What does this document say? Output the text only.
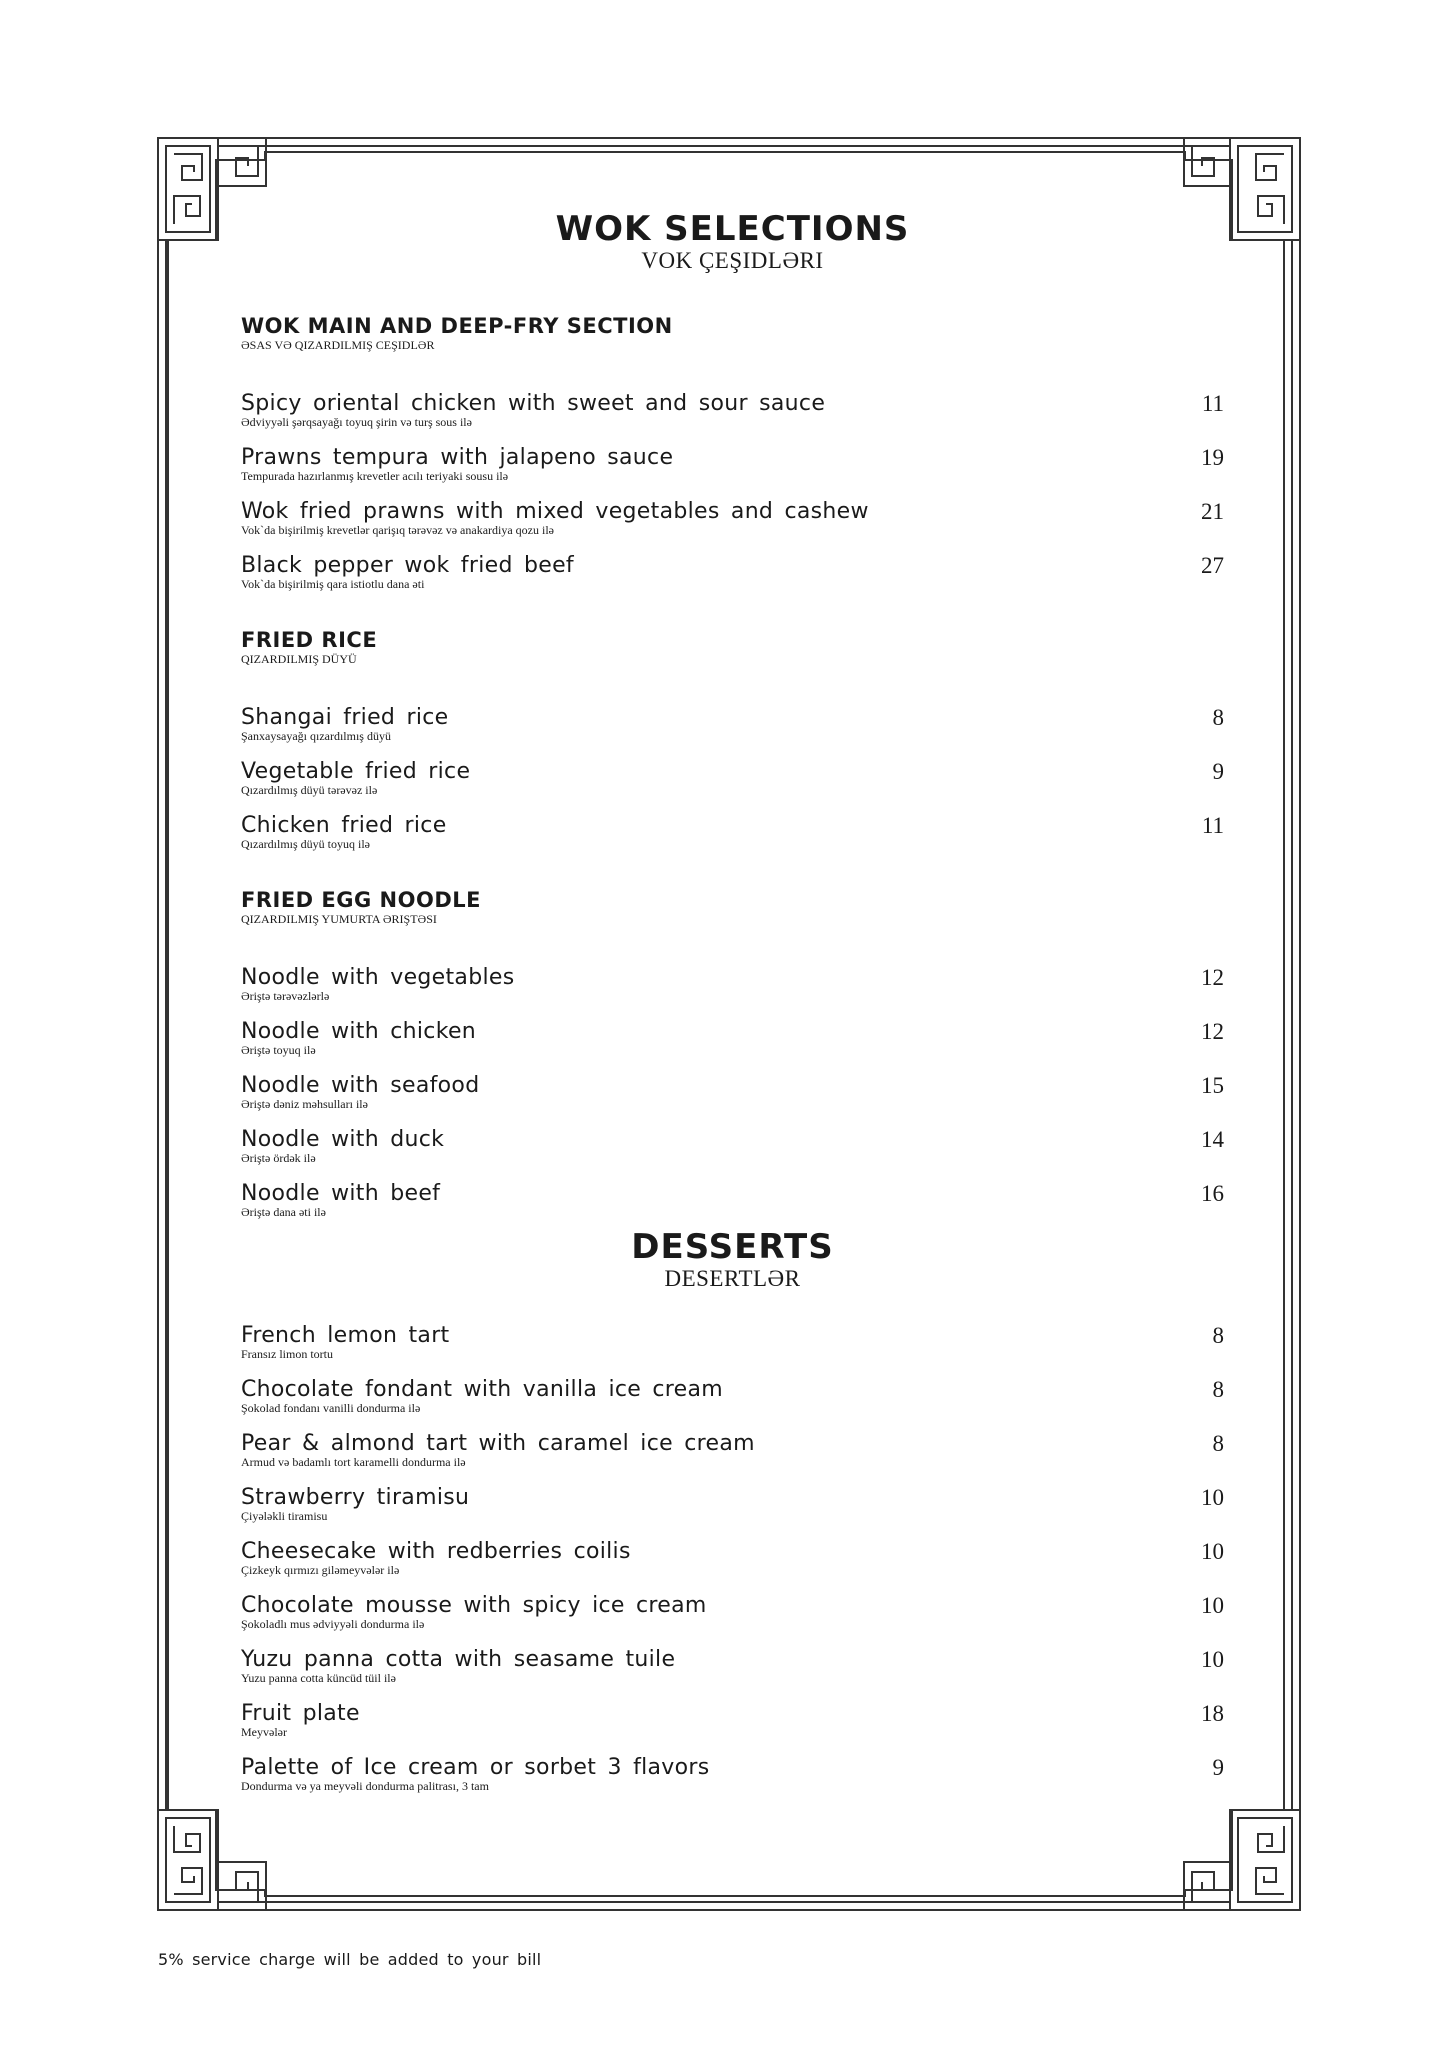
WOK SELECTIONS
VOK ÇEŞIDLƏRI
WOK MAIN AND DEEP-FRY SECTION
ƏSAS VƏ QIZARDILMIŞ CEŞIDLƏR
Spicy oriental chicken with sweet and sour sauce
Ədviyyəli şərqsayağı toyuq şirin və turş sous ilə
11
Prawns tempura with jalapeno sauce
Tempurada hazırlanmış krevetler acılı teriyaki sousu ilə
19
Wok fried prawns with mixed vegetables and cashew
Vok`da bişirilmiş krevetlər qarişıq tərəvəz və anakardiya qozu ilə
21
Black pepper wok fried beef
Vok`da bişirilmiş qara istiotlu dana əti
27
FRIED RICE
QIZARDILMIŞ DÜYÜ
Shangai fried rice
Şanxaysayağı qızardılmış düyü
8
Vegetable fried rice
Qızardılmış düyü tərəvəz ilə
9
Chicken fried rice
Qızardılmış düyü toyuq ilə
11
FRIED EGG NOODLE
QIZARDILMIŞ YUMURTA ƏRIŞTƏSI
Noodle with vegetables
Əriştə tərəvəzlərlə
12
Noodle with chicken
Əriştə toyuq ilə
12
Noodle with seafood
Əriştə dəniz məhsulları ilə
15
Noodle with duck
Əriştə ördək ilə
14
Noodle with beef
Əriştə dana əti ilə
16
DESSERTS
DESERTLƏR
French lemon tart
Fransız limon tortu
8
Chocolate fondant with vanilla ice cream
Şokolad fondanı vanilli dondurma ilə
8
Pear & almond tart with caramel ice cream
Armud və badamlı tort karamelli dondurma ilə
8
Strawberry tiramisu
Çiyələkli tiramisu
10
Cheesecake with redberries coilis
Çizkeyk qırmızı giləmeyvələr ilə
10
Chocolate mousse with spicy ice cream
Şokoladlı mus ədviyyəli dondurma ilə
10
Yuzu panna cotta with seasame tuile
Yuzu panna cotta küncüd tüil ilə
10
Fruit plate
Meyvələr
18
Palette of Ice cream or sorbet 3 flavors
Dondurma və ya meyvəli dondurma palitrası, 3 tam
9
5% service charge will be added to your bill
